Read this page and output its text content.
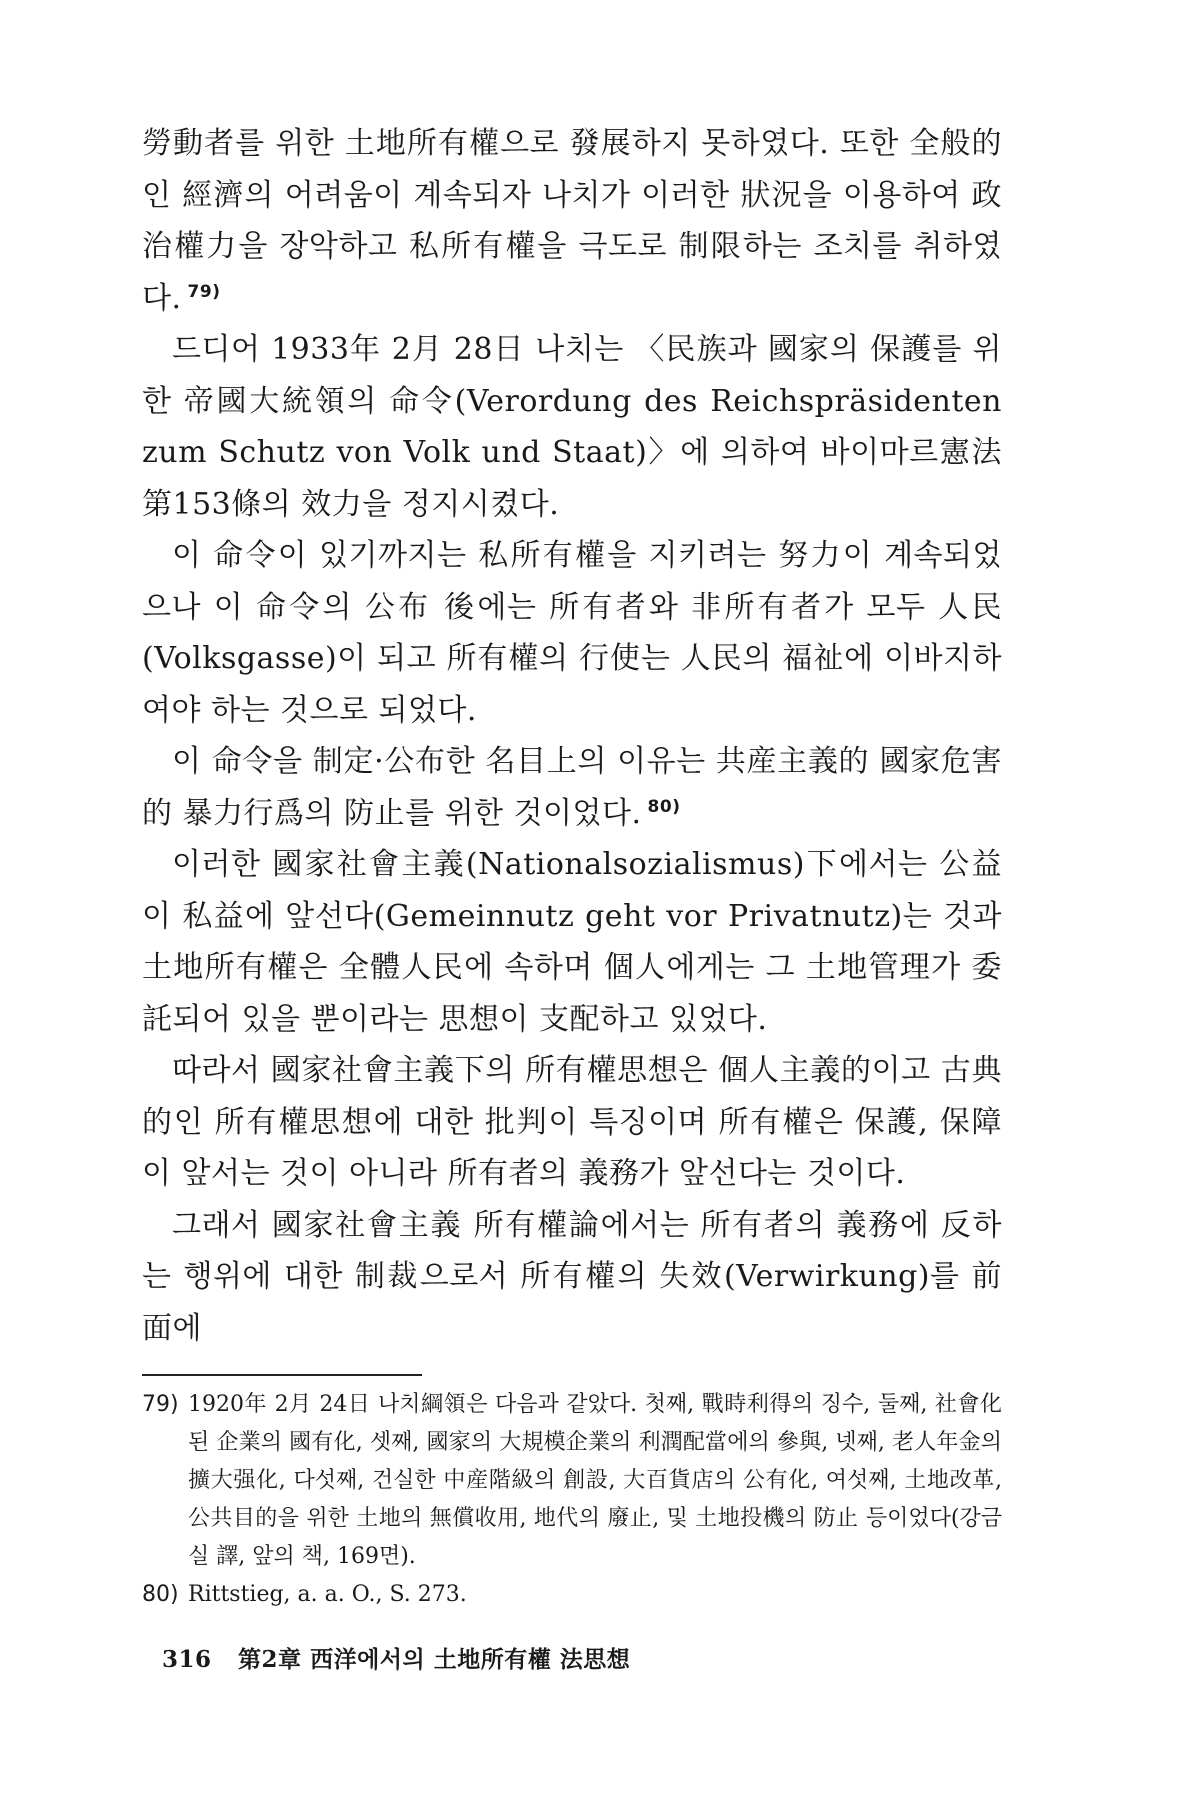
勞動者를 위한 土地所有權으로 發展하지 못하였다. 또한 全般的인 經濟의 어려움이 계속되자 나치가 이러한 狀況을 이용하여 政治權力을 장악하고 私所有權을 극도로 制限하는 조치를 취하였다. $^{79)}$

드디어 1933年 2月 28日 나치는 〈民族과 國家의 保護를 위한 帝國大統領의 命令(Verordung des Reichspräsidenten zum Schutz von Volk und Staat)〉에 의하여 바이마르憲法 第153條의 效力을 정지시켰다.

이 命令이 있기까지는 私所有權을 지키려는 努力이 계속되었으나 이 命令의 公布 後에는 所有者와 非所有者가 모두 人民(Volksgasse)이 되고 所有權의 行使는 人民의 福祉에 이바지하여야 하는 것으로 되었다.

이 命令을 制定·公布한 名目上의 이유는 共産主義的 國家危害的 暴力行爲의 防止를 위한 것이었다. $^{80)}$

이러한 國家社會主義(Nationalsozialismus)下에서는 公益이 私益에 앞선다(Gemeinnutz geht vor Privatnutz)는 것과 土地所有權은 全體人民에 속하며 個人에게는 그 土地管理가 委託되어 있을 뿐이라는 思想이 支配하고 있었다.

따라서 國家社會主義下의 所有權思想은 個人主義的이고 古典的인 所有權思想에 대한 批判이 특징이며 所有權은 保護, 保障이 앞서는 것이 아니라 所有者의 義務가 앞선다는 것이다.

그래서 國家社會主義 所有權論에서는 所有者의 義務에 反하는 행위에 대한 制裁으로서 所有權의 失效(Verwirkung)를 前面에

79) 1920年 2月 24日 나치綱領은 다음과 같았다. 첫째, 戰時利得의 징수, 둘째, 社會化된 企業의 國有化, 셋째, 國家의 大規模企業의 利潤配當에의 參與, 넷째, 老人年金의 擴大强化, 다섯째, 건실한 中産階級의 創設, 大百貨店의 公有化, 여섯째, 土地改革, 公共目的을 위한 土地의 無償收用, 地代의 廢止, 및 土地投機의 防止 등이었다(강금실 譯, 앞의 책, 169면).
80) Rittstieg, a. a. O., S. 273.
316 第2章 西洋에서의 土地所有權 法思想
